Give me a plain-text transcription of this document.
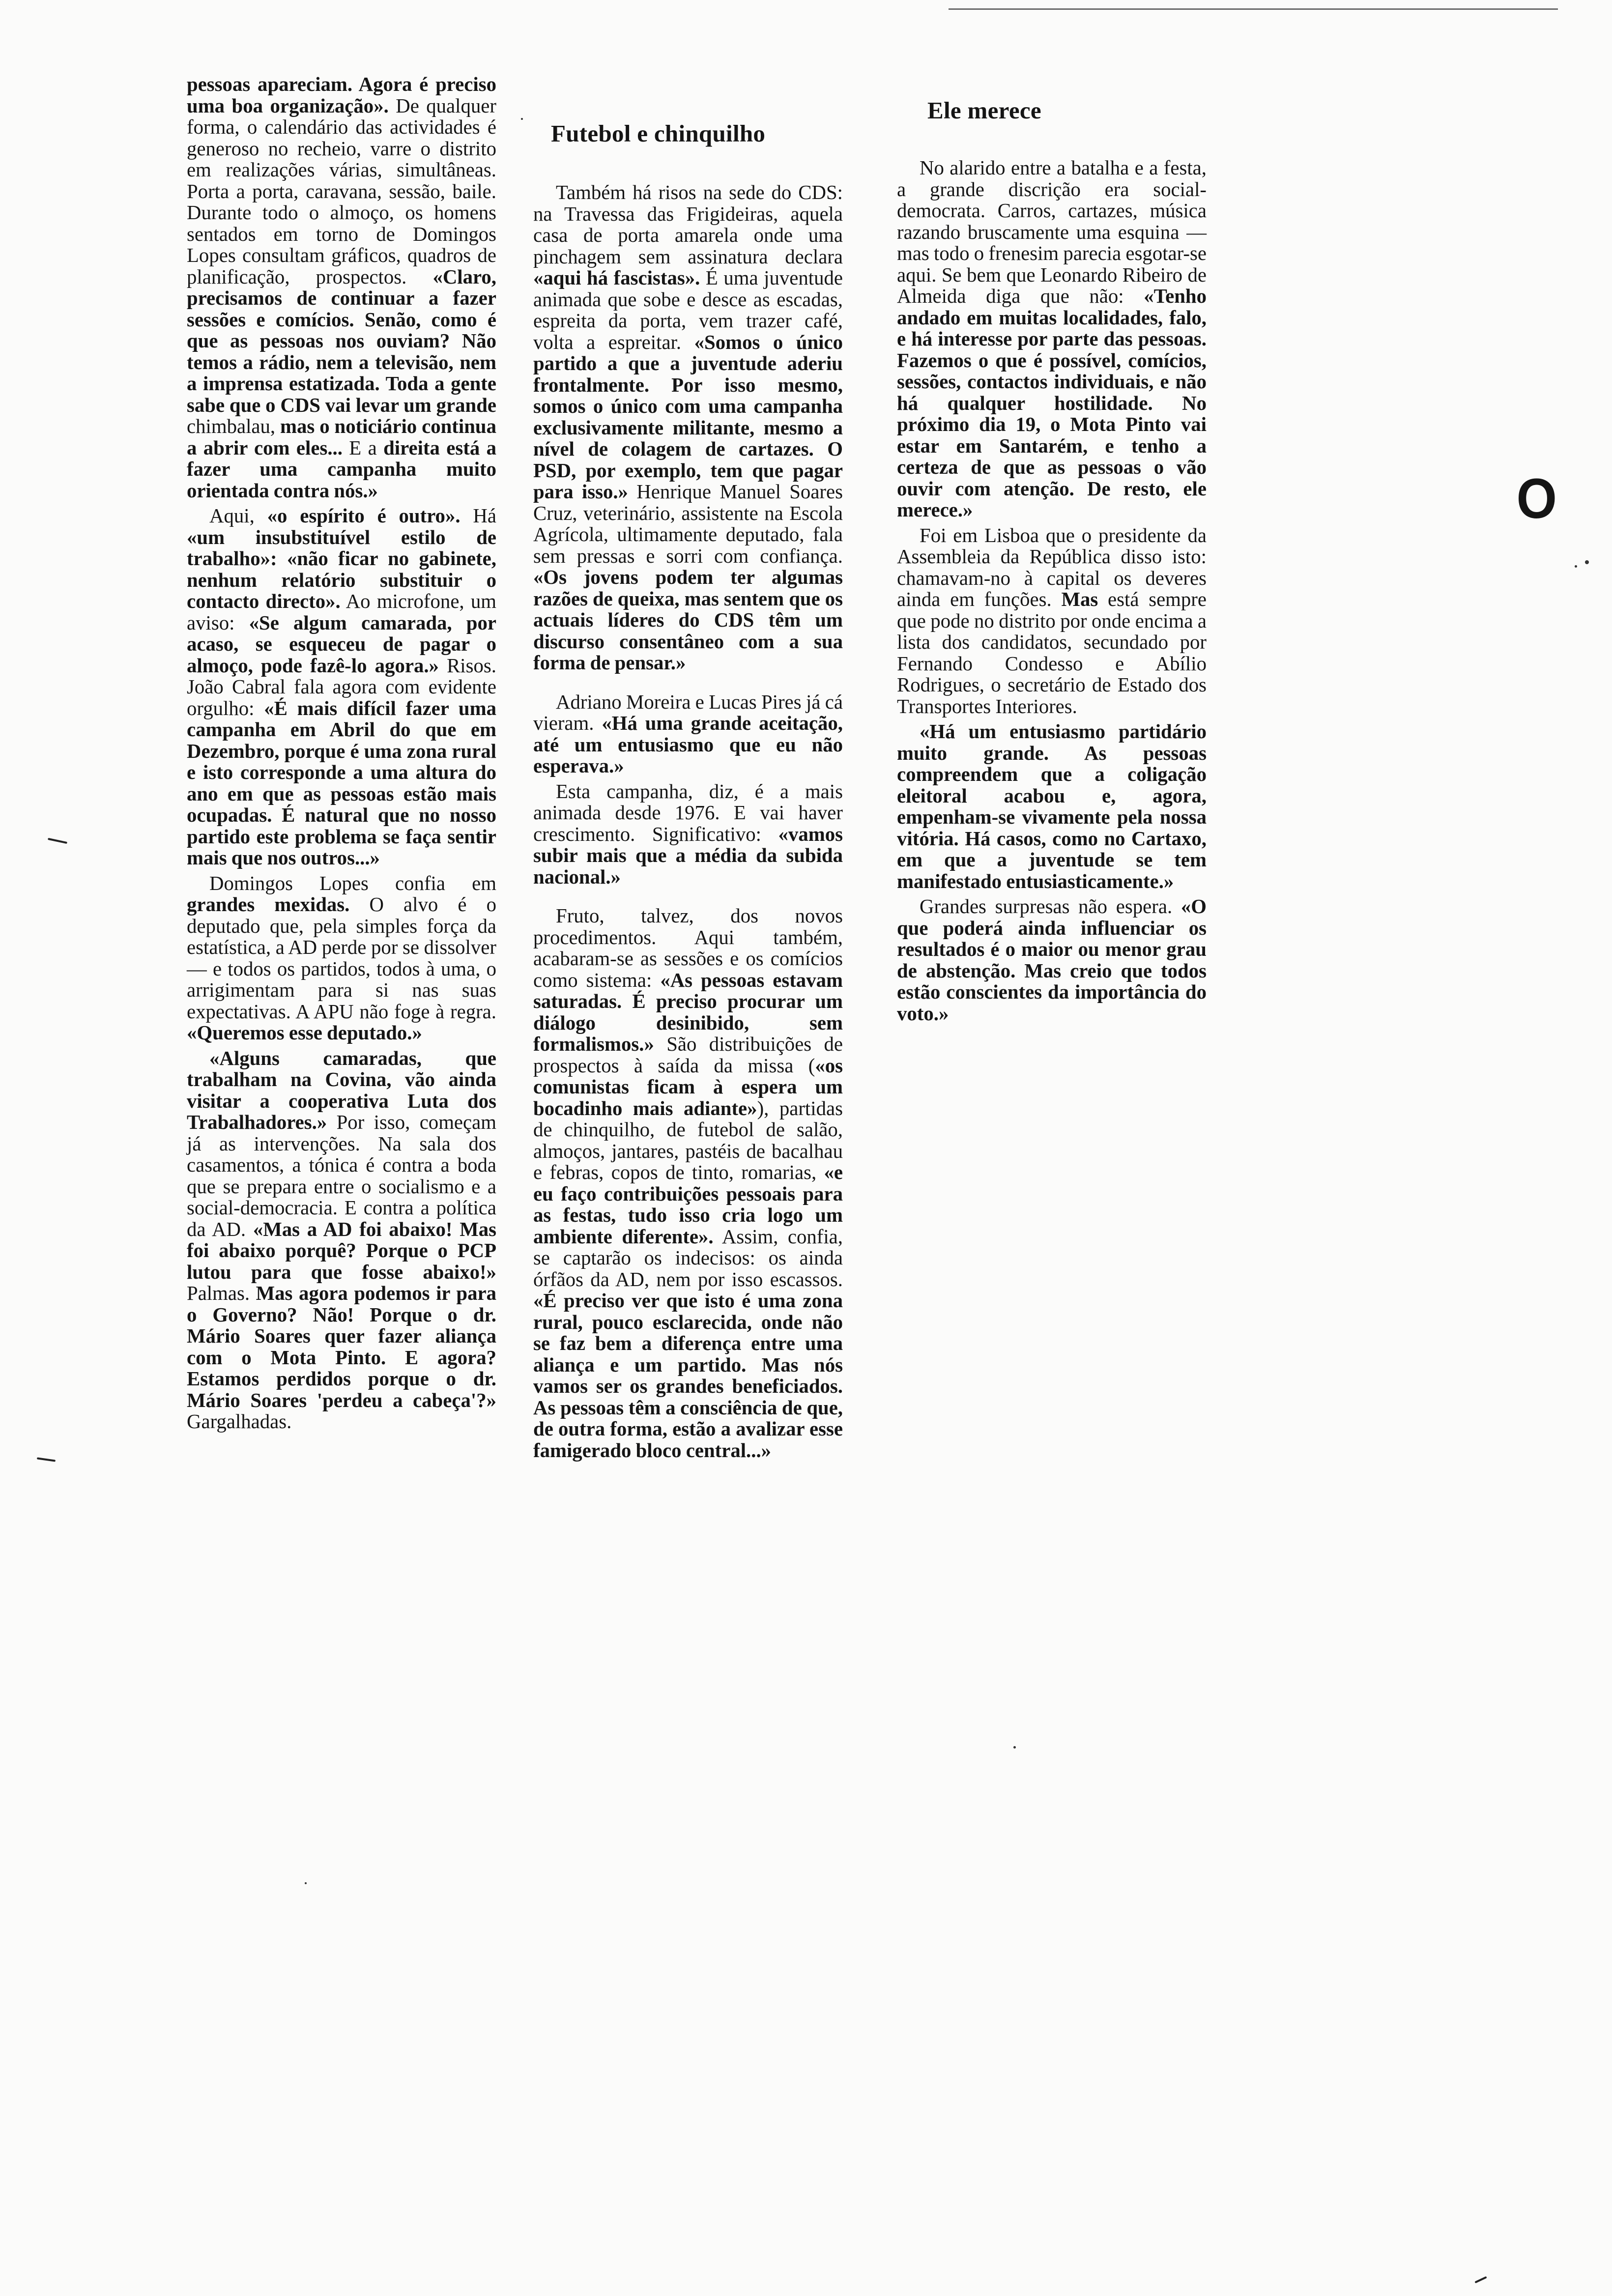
O

pessoas apareciam. Agora é preciso uma boa organização». De qualquer forma, o calendário das actividades é generoso no recheio, varre o distrito em realizações várias, simultâneas. Porta a porta, caravana, sessão, baile. Durante todo o almoço, os homens sentados em torno de Domingos Lopes consultam gráficos, quadros de planificação, prospectos. «Claro, precisamos de continuar a fazer sessões e comícios. Senão, como é que as pessoas nos ouviam? Não temos a rádio, nem a televisão, nem a imprensa estatizada. Toda a gente sabe que o CDS vai levar um grande chimbalau, mas o noticiário continua a abrir com eles... E a direita está a fazer uma campanha muito orientada contra nós.»

Aqui, «o espírito é outro». Há «um insubstituível estilo de trabalho»: «não ficar no gabinete, nenhum relatório substituir o contacto directo». Ao microfone, um aviso: «Se algum camarada, por acaso, se esqueceu de pagar o almoço, pode fazê-lo agora.» Risos. João Cabral fala agora com evidente orgulho: «É mais difícil fazer uma campanha em Abril do que em Dezembro, porque é uma zona rural e isto corresponde a uma altura do ano em que as pessoas estão mais ocupadas. É natural que no nosso partido este problema se faça sentir mais que nos outros...»

Domingos Lopes confia em grandes mexidas. O alvo é o deputado que, pela simples força da estatística, a AD perde por se dissolver — e todos os partidos, todos à uma, o arrigimentam para si nas suas expectativas. A APU não foge à regra. «Queremos esse deputado.»

«Alguns camaradas, que trabalham na Covina, vão ainda visitar a cooperativa Luta dos Trabalhadores.» Por isso, começam já as intervenções. Na sala dos casamentos, a tónica é contra a boda que se prepara entre o socialismo e a social-democracia. E contra a política da AD. «Mas a AD foi abaixo! Mas foi abaixo porquê? Porque o PCP lutou para que fosse abaixo!» Palmas. Mas agora podemos ir para o Governo? Não! Porque o dr. Mário Soares quer fazer aliança com o Mota Pinto. E agora? Estamos perdidos porque o dr. Mário Soares 'perdeu a cabeça'?» Gargalhadas.

Futebol e chinquilho

Também há risos na sede do CDS: na Travessa das Frigideiras, aquela casa de porta amarela onde uma pinchagem sem assinatura declara «aqui há fascistas». É uma juventude animada que sobe e desce as escadas, espreita da porta, vem trazer café, volta a espreitar. «Somos o único partido a que a juventude aderiu frontalmente. Por isso mesmo, somos o único com uma campanha exclusivamente militante, mesmo a nível de colagem de cartazes. O PSD, por exemplo, tem que pagar para isso.» Henrique Manuel Soares Cruz, veterinário, assistente na Escola Agrícola, ultimamente deputado, fala sem pressas e sorri com confiança. «Os jovens podem ter algumas razões de queixa, mas sentem que os actuais líderes do CDS têm um discurso consentâneo com a sua forma de pensar.»

Adriano Moreira e Lucas Pires já cá vieram. «Há uma grande aceitação, até um entusiasmo que eu não esperava.»

Esta campanha, diz, é a mais animada desde 1976. E vai haver crescimento. Significativo: «vamos subir mais que a média da subida nacional.»

Fruto, talvez, dos novos procedimentos. Aqui também, acabaram-se as sessões e os comícios como sistema: «As pessoas estavam saturadas. É preciso procurar um diálogo desinibido, sem formalismos.» São distribuições de prospectos à saída da missa («os comunistas ficam à espera um bocadinho mais adiante»), partidas de chinquilho, de futebol de salão, almoços, jantares, pastéis de bacalhau e febras, copos de tinto, romarias, «e eu faço contribuições pessoais para as festas, tudo isso cria logo um ambiente diferente». Assim, confia, se captarão os indecisos: os ainda órfãos da AD, nem por isso escassos. «É preciso ver que isto é uma zona rural, pouco esclarecida, onde não se faz bem a diferença entre uma aliança e um partido. Mas nós vamos ser os grandes beneficiados. As pessoas têm a consciência de que, de outra forma, estão a avalizar esse famigerado bloco central...»

Ele merece

No alarido entre a batalha e a festa, a grande discrição era social-democrata. Carros, cartazes, música razando bruscamente uma esquina — mas todo o frenesim parecia esgotar-se aqui. Se bem que Leonardo Ribeiro de Almeida diga que não: «Tenho andado em muitas localidades, falo, e há interesse por parte das pessoas. Fazemos o que é possível, comícios, sessões, contactos individuais, e não há qualquer hostilidade. No próximo dia 19, o Mota Pinto vai estar em Santarém, e tenho a certeza de que as pessoas o vão ouvir com atenção. De resto, ele merece.»

Foi em Lisboa que o presidente da Assembleia da República disso isto: chamavam-no à capital os deveres ainda em funções. Mas está sempre que pode no distrito por onde encima a lista dos candidatos, secundado por Fernando Condesso e Abílio Rodrigues, o secretário de Estado dos Transportes Interiores.

«Há um entusiasmo partidário muito grande. As pessoas compreendem que a coligação eleitoral acabou e, agora, empenham-se vivamente pela nossa vitória. Há casos, como no Cartaxo, em que a juventude se tem manifestado entusiasticamente.»

Grandes surpresas não espera. «O que poderá ainda influenciar os resultados é o maior ou menor grau de abstenção. Mas creio que todos estão conscientes da importância do voto.»
